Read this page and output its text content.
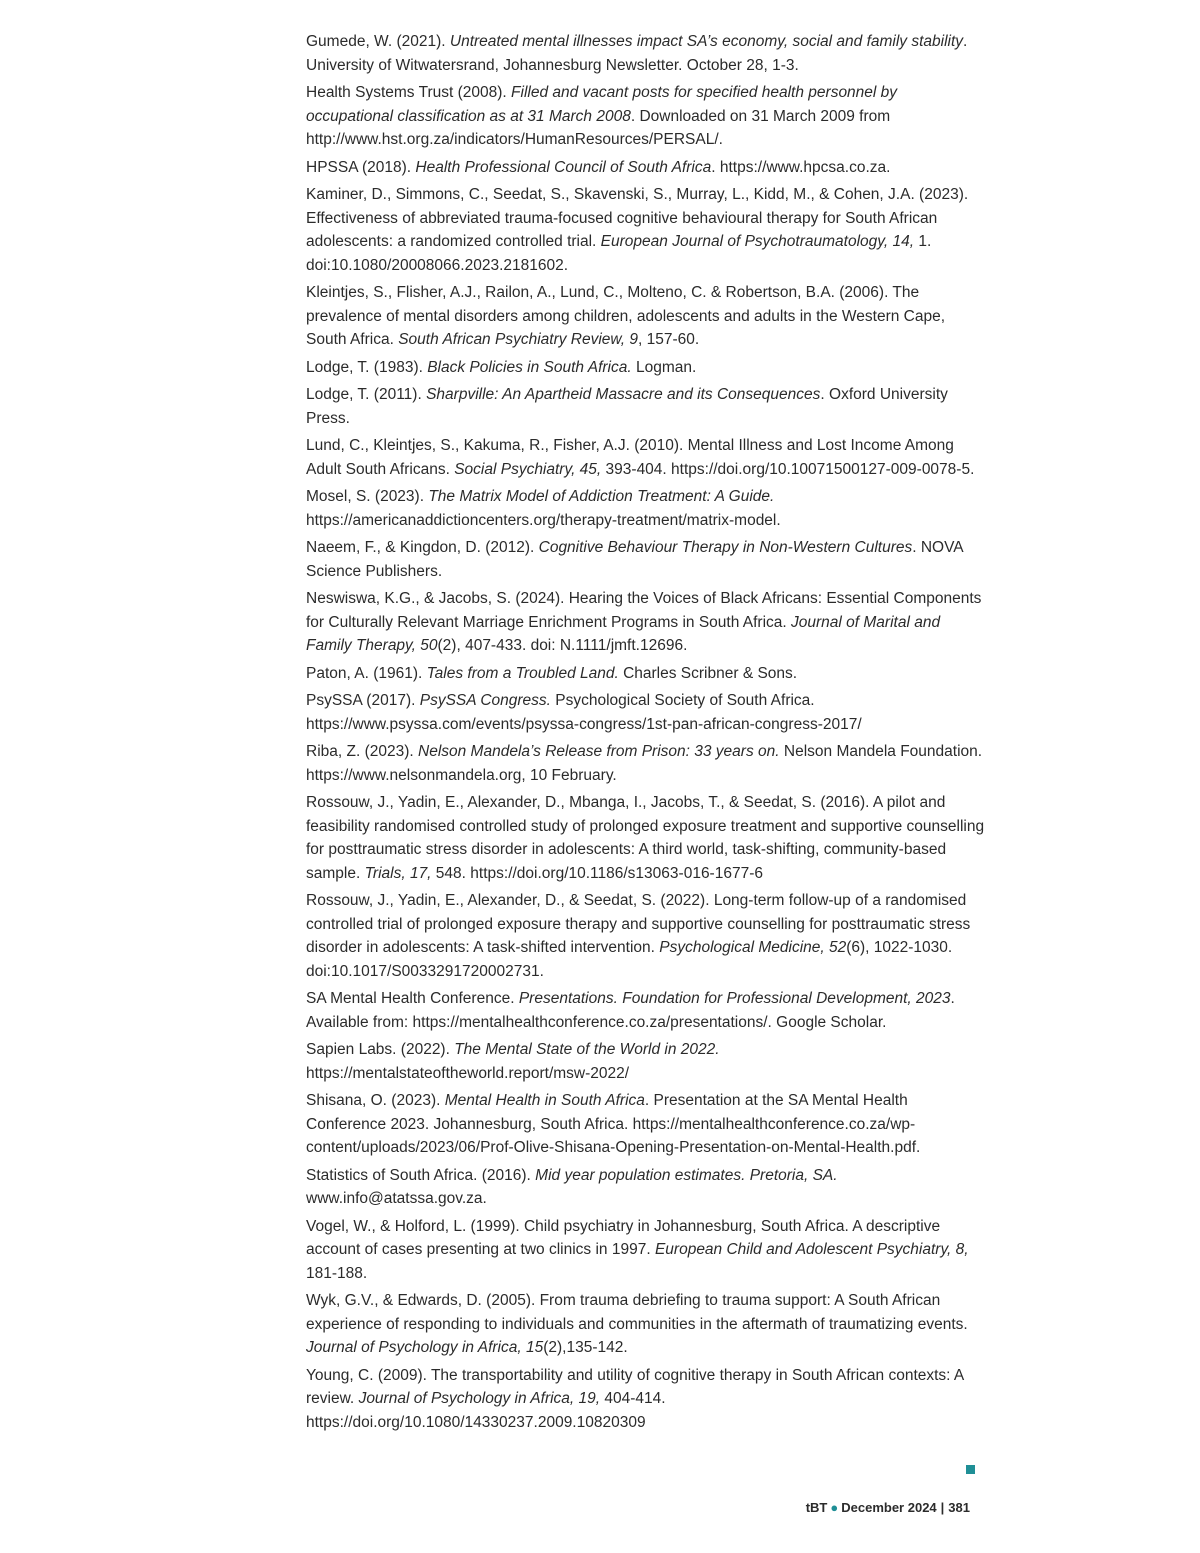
Gumede, W. (2021). Untreated mental illnesses impact SA’s economy, social and family stability. University of Witwatersrand, Johannesburg Newsletter. October 28, 1-3.

Health Systems Trust (2008). Filled and vacant posts for specified health personnel by occupational classification as at 31 March 2008. Downloaded on 31 March 2009 from http://www.hst.org.za/indicators/HumanResources/PERSAL/.

HPSSA (2018). Health Professional Council of South Africa. https://www.hpcsa.co.za.

Kaminer, D., Simmons, C., Seedat, S., Skavenski, S., Murray, L., Kidd, M., & Cohen, J.A. (2023). Effectiveness of abbreviated trauma-focused cognitive behavioural therapy for South African adolescents: a randomized controlled trial. European Journal of Psychotraumatology, 14, 1. doi:10.1080/20008066.2023.2181602.

Kleintjes, S., Flisher, A.J., Railon, A., Lund, C., Molteno, C. & Robertson, B.A. (2006). The prevalence of mental disorders among children, adolescents and adults in the Western Cape, South Africa. South African Psychiatry Review, 9, 157-60.

Lodge, T. (1983). Black Policies in South Africa. Logman.

Lodge, T. (2011). Sharpville: An Apartheid Massacre and its Consequences. Oxford University Press.

Lund, C., Kleintjes, S., Kakuma, R., Fisher, A.J. (2010). Mental Illness and Lost Income Among Adult South Africans. Social Psychiatry, 45, 393-404. https://doi.org/10.10071500127-009-0078-5.

Mosel, S. (2023). The Matrix Model of Addiction Treatment: A Guide. https://americanaddictioncenters.org/therapy-treatment/matrix-model.

Naeem, F., & Kingdon, D. (2012). Cognitive Behaviour Therapy in Non-Western Cultures. NOVA Science Publishers.

Neswiswa, K.G., & Jacobs, S. (2024). Hearing the Voices of Black Africans: Essential Components for Culturally Relevant Marriage Enrichment Programs in South Africa. Journal of Marital and Family Therapy, 50(2), 407-433. doi: N.1111/jmft.12696.

Paton, A. (1961). Tales from a Troubled Land. Charles Scribner & Sons.

PsySSA (2017). PsySSA Congress. Psychological Society of South Africa. https://www.psyssa.com/events/psyssa-congress/1st-pan-african-congress-2017/

Riba, Z. (2023). Nelson Mandela’s Release from Prison: 33 years on. Nelson Mandela Foundation. https://www.nelsonmandela.org, 10 February.

Rossouw, J., Yadin, E., Alexander, D., Mbanga, I., Jacobs, T., & Seedat, S. (2016). A pilot and feasibility randomised controlled study of prolonged exposure treatment and supportive counselling for posttraumatic stress disorder in adolescents: A third world, task-shifting, community-based sample. Trials, 17, 548. https://doi.org/10.1186/s13063-016-1677-6

Rossouw, J., Yadin, E., Alexander, D., & Seedat, S. (2022). Long-term follow-up of a randomised controlled trial of prolonged exposure therapy and supportive counselling for posttraumatic stress disorder in adolescents: A task-shifted intervention. Psychological Medicine, 52(6), 1022-1030. doi:10.1017/S0033291720002731.

SA Mental Health Conference. Presentations. Foundation for Professional Development, 2023. Available from: https://mentalhealthconference.co.za/presentations/. Google Scholar.

Sapien Labs. (2022). The Mental State of the World in 2022. https://mentalstateoftheworld.report/msw-2022/

Shisana, O. (2023). Mental Health in South Africa. Presentation at the SA Mental Health Conference 2023. Johannesburg, South Africa. https://mentalhealthconference.co.za/wp-content/uploads/2023/06/Prof-Olive-Shisana-Opening-Presentation-on-Mental-Health.pdf.

Statistics of South Africa. (2016). Mid year population estimates. Pretoria, SA. www.info@atatssa.gov.za.

Vogel, W., & Holford, L. (1999). Child psychiatry in Johannesburg, South Africa. A descriptive account of cases presenting at two clinics in 1997. European Child and Adolescent Psychiatry, 8, 181-188.

Wyk, G.V., & Edwards, D. (2005). From trauma debriefing to trauma support: A South African experience of responding to individuals and communities in the aftermath of traumatizing events. Journal of Psychology in Africa, 15(2),135-142.

Young, C. (2009). The transportability and utility of cognitive therapy in South African contexts: A review. Journal of Psychology in Africa, 19, 404-414. https://doi.org/10.1080/14330237.2009.10820309

tBT ● December 2024 | 381
